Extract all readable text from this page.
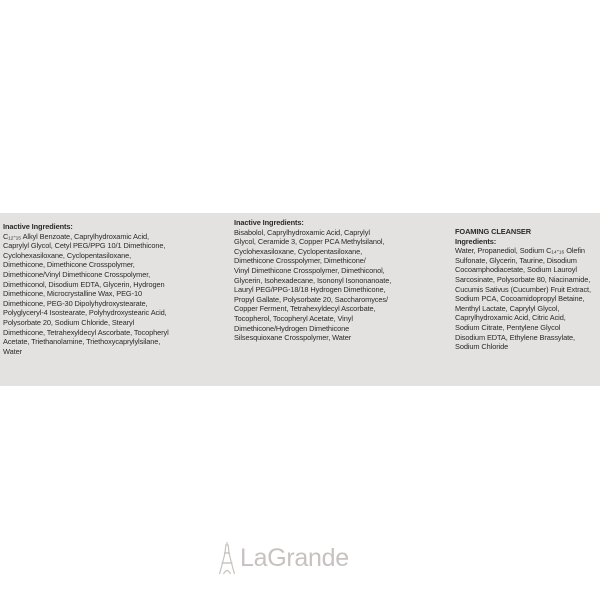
Inactive Ingredients:
C₁₂-₁₅ Alkyl Benzoate, Caprylhydroxamic Acid,
Caprylyl Glycol, Cetyl PEG/PPG 10/1 Dimethicone,
Cyclohexasiloxane, Cyclopentasiloxane,
Dimethicone, Dimethicone Crosspolymer,
Dimethicone/Vinyl Dimethicone Crosspolymer,
Dimethiconol, Disodium EDTA, Glycerin, Hydrogen
Dimethicone, Microcrystalline Wax, PEG-10
Dimethicone, PEG-30 Dipolyhydroxystearate,
Polyglyceryl-4 Isostearate, Polyhydroxystearic Acid,
Polysorbate 20, Sodium Chloride, Stearyl
Dimethicone, Tetrahexyldecyl Ascorbate, Tocopheryl
Acetate, Triethanolamine, Triethoxycaprylylsilane,
Water
Inactive Ingredients:
Bisabolol, Caprylhydroxamic Acid, Caprylyl
Glycol, Ceramide 3, Copper PCA Methylsilanol,
Cyclohexasiloxane, Cyclopentasiloxane,
Dimethicone Crosspolymer, Dimethicone/
Vinyl Dimethicone Crosspolymer, Dimethiconol,
Glycerin, Isohexadecane, Isononyl Isononanoate,
Lauryl PEG/PPG-18/18 Hydrogen Dimethicone,
Propyl Gallate, Polysorbate 20, Saccharomyces/
Copper Ferment, Tetrahexyldecyl Ascorbate,
Tocopherol, Tocopheryl Acetate, Vinyl
Dimethicone/Hydrogen Dimethicone
Silsesquioxane Crosspolymer, Water
FOAMING CLEANSER
Ingredients:
Water, Propanediol, Sodium C₁₄-₁₆ Olefin
Sulfonate, Glycerin, Taurine, Disodium
Cocoamphodiacetate, Sodium Lauroyl
Sarcosinate, Polysorbate 80, Niacinamide,
Cucumis Sativus (Cucumber) Fruit Extract,
Sodium PCA, Cocoamidopropyl Betaine,
Menthyl Lactate, Caprylyl Glycol,
Caprylhydroxamic Acid, Citric Acid,
Sodium Citrate, Pentylene Glycol
Disodium EDTA, Ethylene Brassylate,
Sodium Chloride
LaGrande
